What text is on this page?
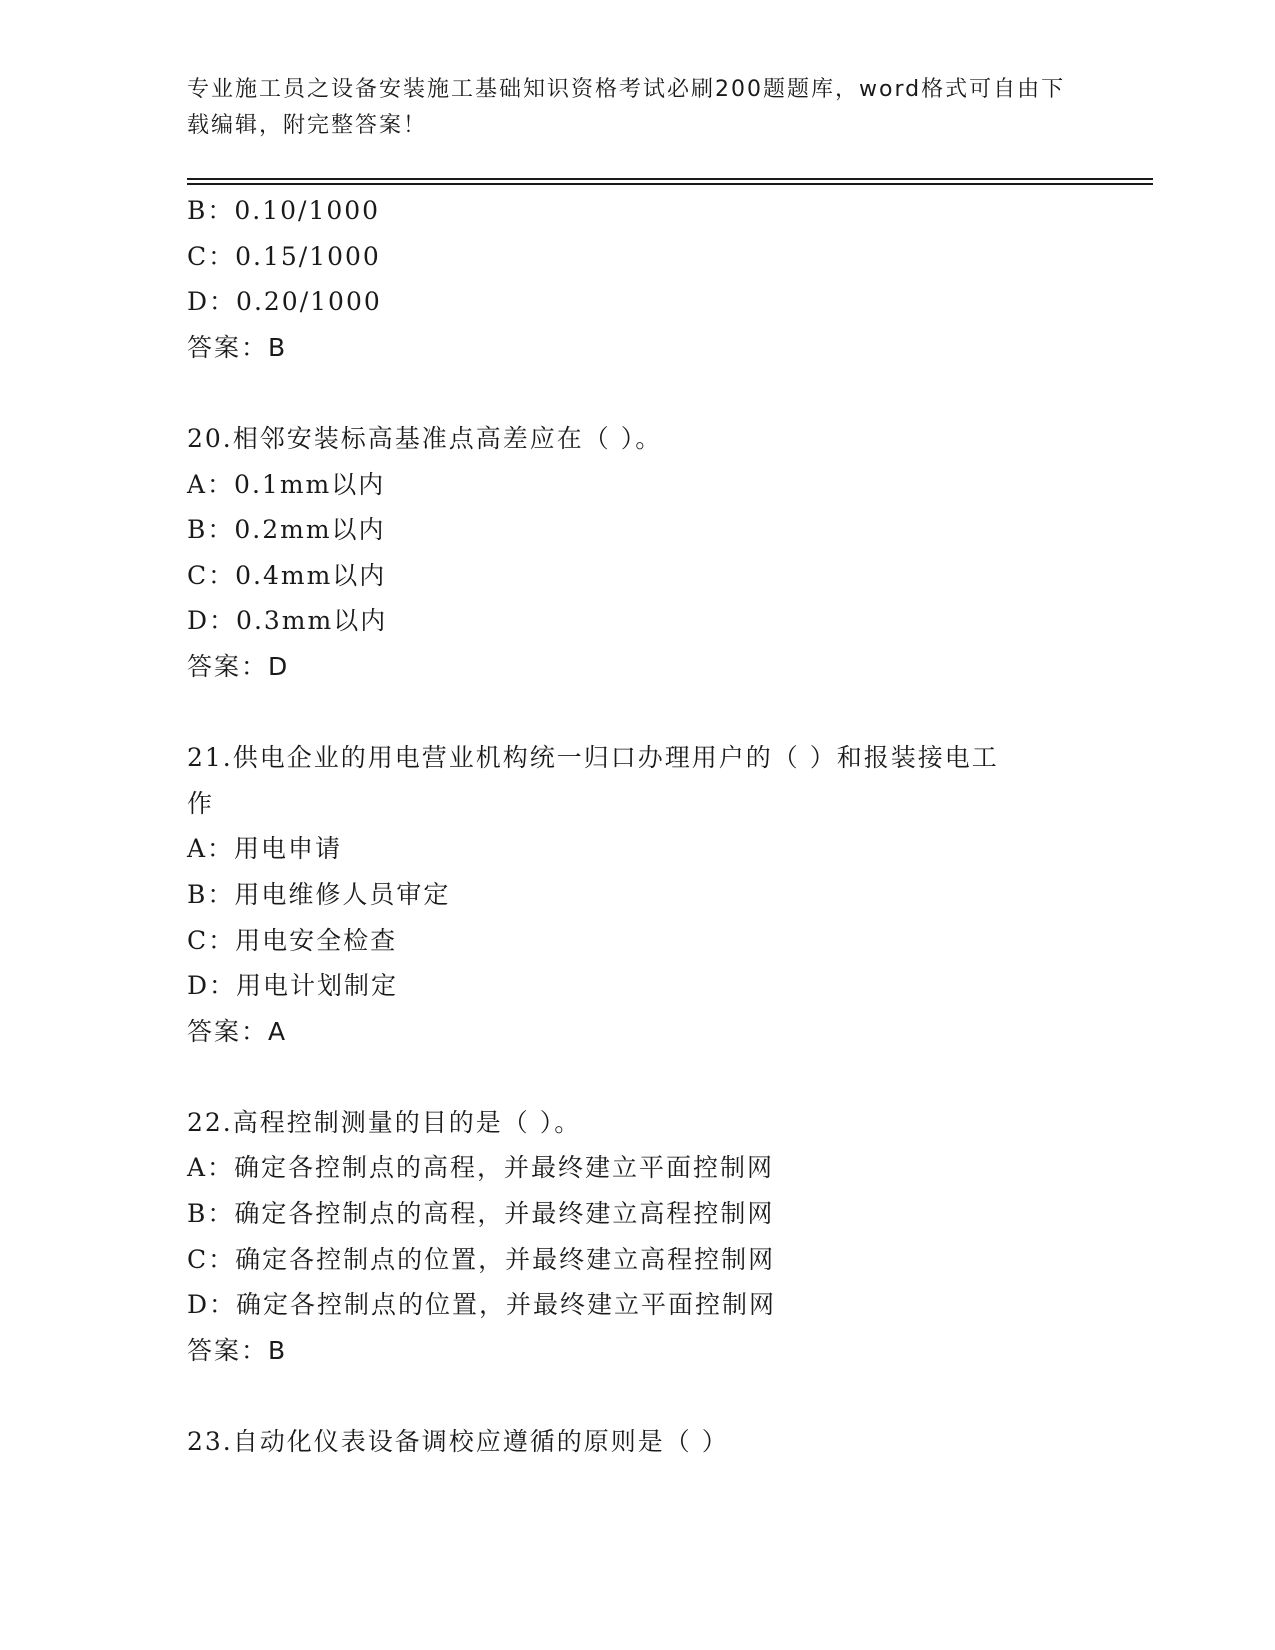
专业施工员之设备安装施工基础知识资格考试必刷200题题库，word格式可自由下载编辑，附完整答案！
B：0.10/1000
C：0.15/1000
D：0.20/1000
答案：B
20.相邻安装标高基准点高差应在（ ）。
A：0.1mm以内
B：0.2mm以内
C：0.4mm以内
D：0.3mm以内
答案：D
21.供电企业的用电营业机构统一归口办理用户的（ ）和报装接电工
作
A：用电申请
B：用电维修人员审定
C：用电安全检查
D：用电计划制定
答案：A
22.高程控制测量的目的是（ ）。
A：确定各控制点的高程，并最终建立平面控制网
B：确定各控制点的高程，并最终建立高程控制网
C：确定各控制点的位置，并最终建立高程控制网
D：确定各控制点的位置，并最终建立平面控制网
答案：B
23.自动化仪表设备调校应遵循的原则是（ ）
